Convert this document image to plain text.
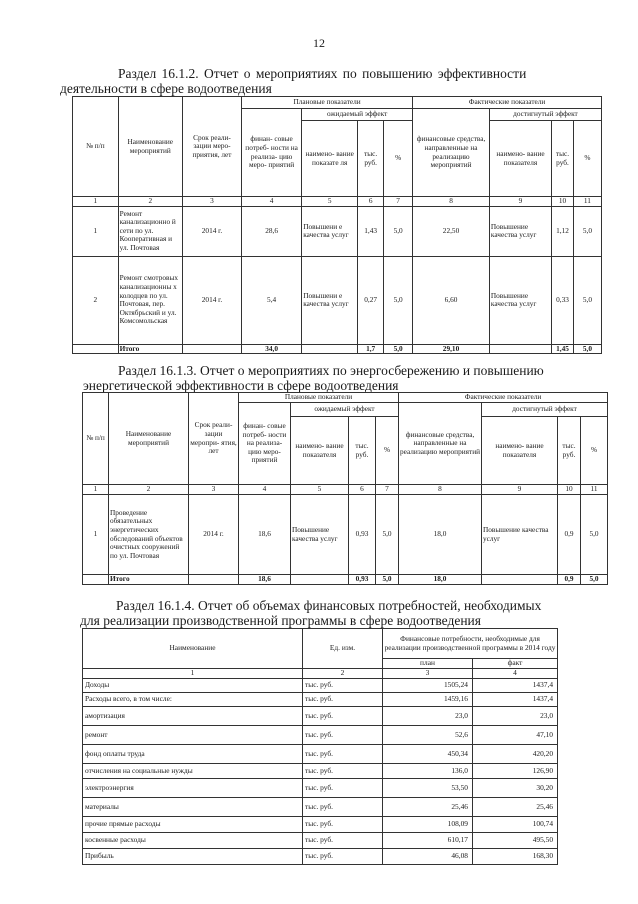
12
Раздел 16.1.2. Отчет о мероприятиях по повышению эффективности
деятельности в сфере водоотведения
№ п/п	Наименование мероприятий	Срок реали- зации меро- приятия, лет	Плановые показатели				Фактические показатели			
			финан- совые потреб- ности на реализа- цию меро- приятий	ожидаемый эффект			финансовые средства, направленные на реализацию мероприятий	достигнутый эффект		
				наимено- вание показате ля	тыс. руб.	%		наимено- вание показателя	тыс. руб.	%
1	2	3	4	5	6	7	8	9	10	11
1	Ремонт канализационно й сети по ул. Кооперативная и ул. Почтовая	2014 г.	28,6	Повышени е качества услуг	1,43	5,0	22,50	Повышение качества услуг	1,12	5,0
2	Ремонт смотровых канализационны х колодцев по ул. Почтовая, пер. Октябрьский и ул. Комсомольская	2014 г.	5,4	Повышени е качества услуг	0,27	5,0	6,60	Повышение качества услуг	0,33	5,0
	Итого		34,0		1,7	5,0	29,10		1,45	5,0
Раздел 16.1.3. Отчет о мероприятиях по энергосбережению и повышению
энергетической эффективности в сфере водоотведения
№ п/п	Наименование мероприятий	Срок реали- зации меропри- ятия, лет	Плановые показатели				Фактические показатели			
			финан- совые потреб- ности на реализа- цию меро- приятий	ожидаемый эффект			финансовые средства, направленные на реализацию мероприятий	достигнутый эффект		
				наимено- вание показателя	тыс. руб.	%		наимено- вание показателя	тыс. руб.	%
1	2	3	4	5	6	7	8	9	10	11
1	Проведение обязательных энергетических обследований объектов очистных сооружений по ул. Почтовая	2014 г.	18,6	Повышение качества услуг	0,93	5,0	18,0	Повышение качества услуг	0,9	5,0
	Итого		18,6		0,93	5,0	18,0		0,9	5,0
Раздел 16.1.4. Отчет об объемах финансовых потребностей, необходимых
для реализации производственной программы в сфере водоотведения
Наименование	Ед. изм.	Финансовые потребности, необходимые для реализации производственной программы в 2014 году	
		план	факт
1	2	3	4
Доходы	тыс. руб.	1505,24	1437,4
Расходы всего, в том числе:	тыс. руб.	1459,16	1437,4
амортизация	тыс. руб.	23,0	23,0
ремонт	тыс. руб.	52,6	47,10
фонд оплаты труда	тыс. руб.	450,34	420,20
отчисления на социальные нужды	тыс. руб.	136,0	126,90
электроэнергия	тыс. руб.	53,50	30,20
материалы	тыс. руб.	25,46	25,46
прочие прямые расходы	тыс. руб.	108,09	100,74
косвенные расходы	тыс. руб.	610,17	495,50
Прибыль	тыс. руб.	46,08	168,30
